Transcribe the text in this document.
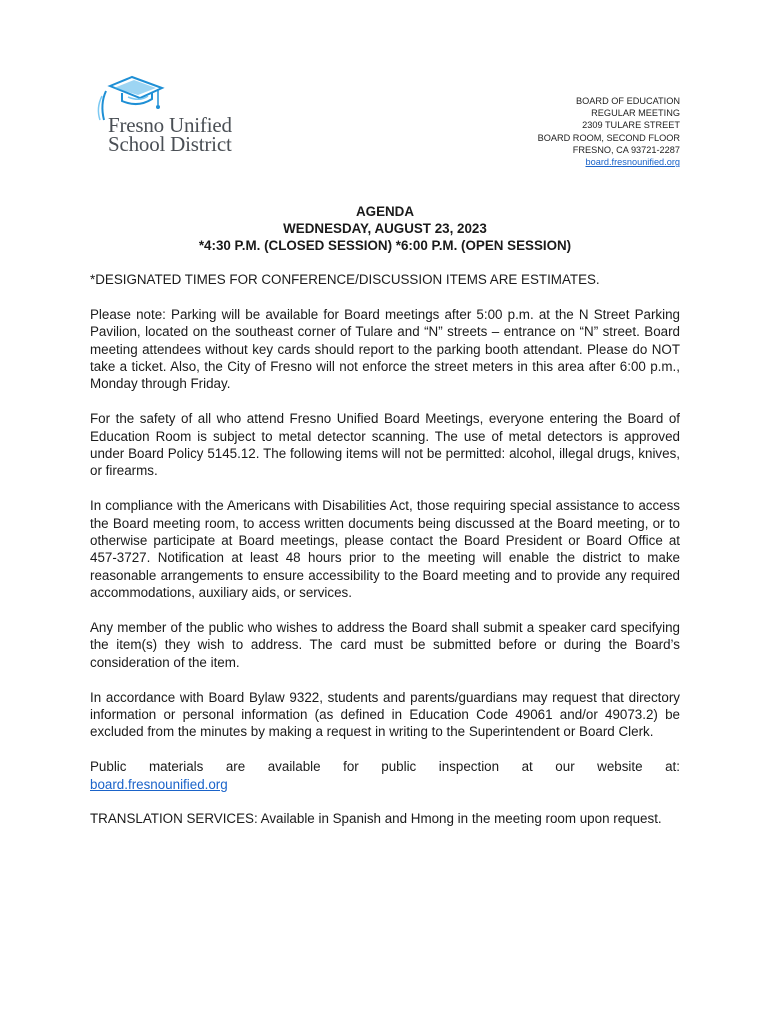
Fresno Unified
School District
BOARD OF EDUCATION
REGULAR MEETING
2309 TULARE STREET
BOARD ROOM, SECOND FLOOR
FRESNO, CA 93721-2287
board.fresnounified.org
AGENDA
WEDNESDAY, AUGUST 23, 2023
*4:30 P.M. (CLOSED SESSION) *6:00 P.M. (OPEN SESSION)

*DESIGNATED TIMES FOR CONFERENCE/DISCUSSION ITEMS ARE ESTIMATES.

Please note: Parking will be available for Board meetings after 5:00 p.m. at the N Street Parking Pavilion, located on the southeast corner of Tulare and “N” streets – entrance on “N” street. Board meeting attendees without key cards should report to the parking booth attendant. Please do NOT take a ticket. Also, the City of Fresno will not enforce the street meters in this area after 6:00 p.m., Monday through Friday.

For the safety of all who attend Fresno Unified Board Meetings, everyone entering the Board of Education Room is subject to metal detector scanning. The use of metal detectors is approved under Board Policy 5145.12. The following items will not be permitted: alcohol, illegal drugs, knives, or firearms.

In compliance with the Americans with Disabilities Act, those requiring special assistance to access the Board meeting room, to access written documents being discussed at the Board meeting, or to otherwise participate at Board meetings, please contact the Board President or Board Office at 457-3727. Notification at least 48 hours prior to the meeting will enable the district to make reasonable arrangements to ensure accessibility to the Board meeting and to provide any required accommodations, auxiliary aids, or services.

Any member of the public who wishes to address the Board shall submit a speaker card specifying the item(s) they wish to address. The card must be submitted before or during the Board’s consideration of the item.

In accordance with Board Bylaw 9322, students and parents/guardians may request that directory information or personal information (as defined in Education Code 49061 and/or 49073.2) be excluded from the minutes by making a request in writing to the Superintendent or Board Clerk.

Public materials are available for public inspection at our website at:

board.fresnounified.org

TRANSLATION SERVICES: Available in Spanish and Hmong in the meeting room upon request.
